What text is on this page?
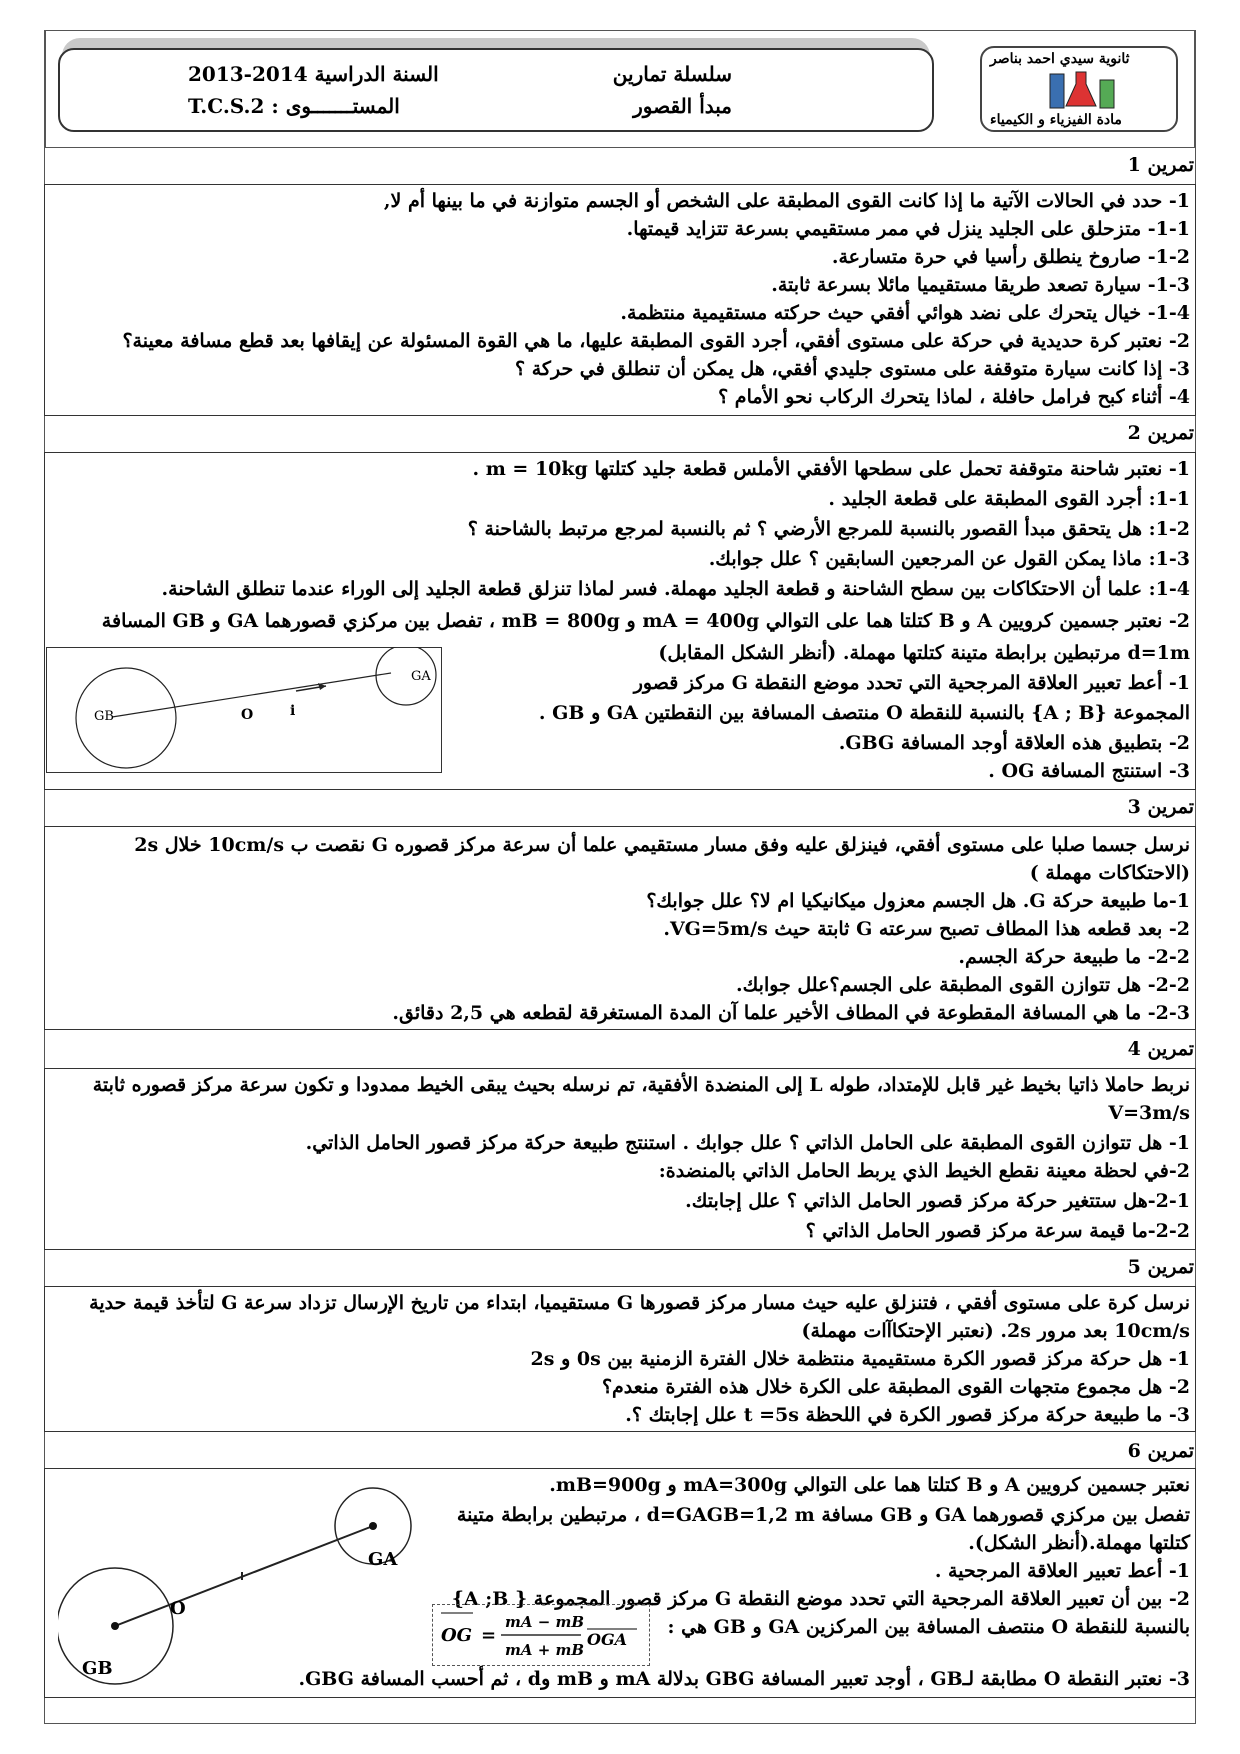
سلسلة تمارين
مبدأ القصور
السنة الدراسية 2014-2013
المستـــــــوى : T.C.S.2
ثانوية سيدي احمد بناصر
مادة الفيزياء و الكيمياء
تمرين 1
1- حدد في الحالات الآتية ما إذا كانت القوى المطبقة على الشخص أو الجسم متوازنة في ما بينها أم لا,
1-1- متزحلق على الجليد ينزل في ممر مستقيمي بسرعة تتزايد قيمتها.
1-2- صاروخ ينطلق رأسيا في حرة متسارعة.
1-3- سيارة تصعد طريقا مستقيميا مائلا بسرعة ثابتة.
1-4- خيال يتحرك على نضد هوائي أفقي حيث حركته مستقيمية منتظمة.
2- نعتبر كرة حديدية في حركة على مستوى أفقي، أجرد القوى المطبقة عليها، ما هي القوة المسئولة عن إيقافها بعد قطع مسافة معينة؟
3- إذا كانت سيارة متوقفة على مستوى جليدي أفقي، هل يمكن أن تنطلق في حركة ؟
4- أثناء كبح فرامل حافلة ، لماذا يتحرك الركاب نحو الأمام ؟
تمرين 2
1- نعتبر شاحنة متوقفة تحمل على سطحها الأفقي الأملس قطعة جليد كتلتها m = 10kg .
1-1: أجرد القوى المطبقة على قطعة الجليد .
1-2: هل يتحقق مبدأ القصور بالنسبة للمرجع الأرضي ؟ ثم بالنسبة لمرجع مرتبط بالشاحنة ؟
1-3: ماذا يمكن القول عن المرجعين السابقين ؟ علل جوابك.
1-4: علما أن الاحتكاكات بين سطح الشاحنة و قطعة الجليد مهملة. فسر لماذا تنزلق قطعة الجليد إلى الوراء عندما تنطلق الشاحنة.
2- نعتبر جسمين كرويين A و B كتلتا هما على التوالي mA = 400g و mB = 800g ، تفصل بين مركزي قصورهما GA و GB المسافة
d=1m مرتبطين برابطة متينة كتلتها مهملة. (أنظر الشكل المقابل)
1- أعط تعبير العلاقة المرجحية التي تحدد موضع النقطة G مركز قصور
المجموعة {A ; B} بالنسبة للنقطة O منتصف المسافة بين النقطتين GA و GB .
2- بتطبيق هذه العلاقة أوجد المسافة GBG.
3- استنتج المسافة OG .
GA
GB	O	i
تمرين 3
نرسل جسما صلبا على مستوى أفقي، فينزلق عليه وفق مسار مستقيمي علما أن سرعة مركز قصوره G نقصت ب 10cm/s خلال 2s
(الاحتكاكات مهملة )
1-ما طبيعة حركة G. هل الجسم معزول ميكانيكيا ام لا؟ علل جوابك؟
2- بعد قطعه هذا المطاف تصبح سرعته G ثابتة حيث VG=5m/s.
2-2- ما طبيعة حركة الجسم.
2-2- هل تتوازن القوى المطبقة على الجسم؟علل جوابك.
2-3- ما هي المسافة المقطوعة في المطاف الأخير علما آن المدة المستغرقة لقطعه هي 2,5 دقائق.
تمرين 4
نربط حاملا ذاتيا بخيط غير قابل للإمتداد، طوله L إلى المنضدة الأفقية، تم نرسله بحيث يبقى الخيط ممدودا و تكون سرعة مركز قصوره ثابتة
V=3m/s
1- هل تتوازن القوى المطبقة على الحامل الذاتي ؟ علل جوابك . استنتج طبيعة حركة مركز قصور الحامل الذاتي.
2-في لحظة معينة نقطع الخيط الذي يربط الحامل الذاتي بالمنضدة:
2-1-هل ستتغير حركة مركز قصور الحامل الذاتي ؟ علل إجابتك.
2-2-ما قيمة سرعة مركز قصور الحامل الذاتي ؟
تمرين 5
نرسل كرة على مستوى أفقي ، فتنزلق عليه حيث مسار مركز قصورها G مستقيميا، ابتداء من تاريخ الإرسال تزداد سرعة G لتأخذ قيمة حدية
10cm/s بعد مرور 2s. (نعتبر الإحتكاآات مهملة)
1- هل حركة مركز قصور الكرة مستقيمية منتظمة خلال الفترة الزمنية بين 0s و 2s
2- هل مجموع متجهات القوى المطبقة على الكرة خلال هذه الفترة منعدم؟
3- ما طبيعة حركة مركز قصور الكرة في اللحظة t =5s علل إجابتك ؟.
تمرين 6
نعتبر جسمين كرويين A و B كتلتا هما على التوالي mA=300g و mB=900g.
تفصل بين مركزي قصورهما GA و GB مسافة d=GAGB=1,2 m ، مرتبطين برابطة متينة
كتلتها مهملة.(أنظر الشكل).
1- أعط تعبير العلاقة المرجحية .
2- بين أن تعبير العلاقة المرجحية التي تحدد موضع النقطة G مركز قصور المجموعة { A ;B}
بالنسبة للنقطة O منتصف المسافة بين المركزين GA و GB هي :
3- نعتبر النقطة O مطابقة لـGB ، أوجد تعبير المسافة GBG بدلالة mA و mB وd ، ثم أحسب المسافة GBG.
OG =
mA − mB
mA + mB
OGA
GA
GB
O
